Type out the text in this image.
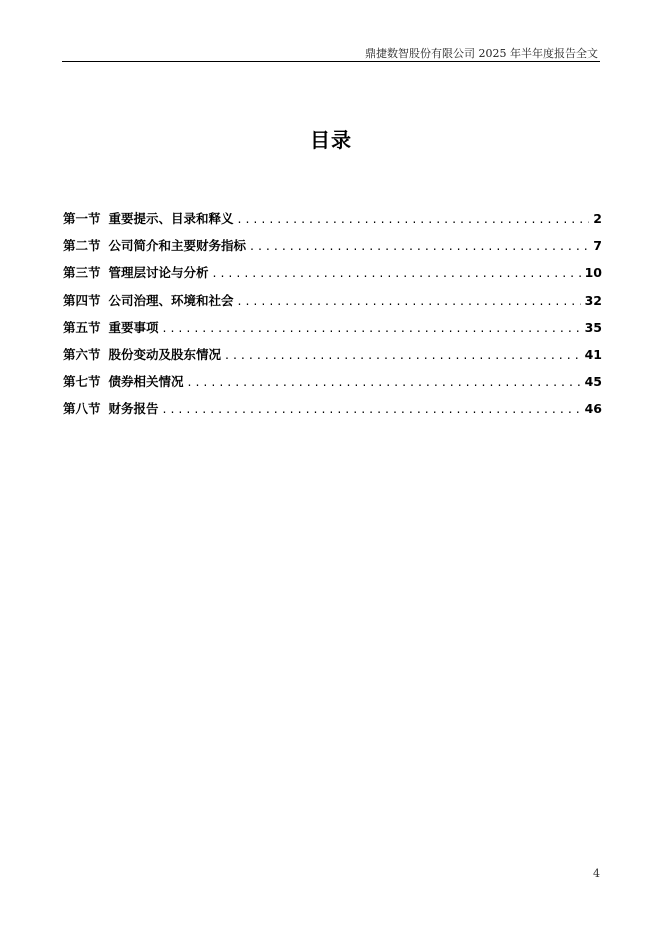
鼎捷数智股份有限公司 2025 年半年度报告全文
目录
第一节 重要提示、目录和释义 . . .	2
第二节 公司简介和主要财务指标 . . .	7
第三节 管理层讨论与分析 . . .	10
第四节 公司治理、环境和社会 . . .	32
第五节 重要事项 . . .	35
第六节 股份变动及股东情况 . . .	41
第七节 债券相关情况 . . .	45
第八节 财务报告 . . .	46
4
